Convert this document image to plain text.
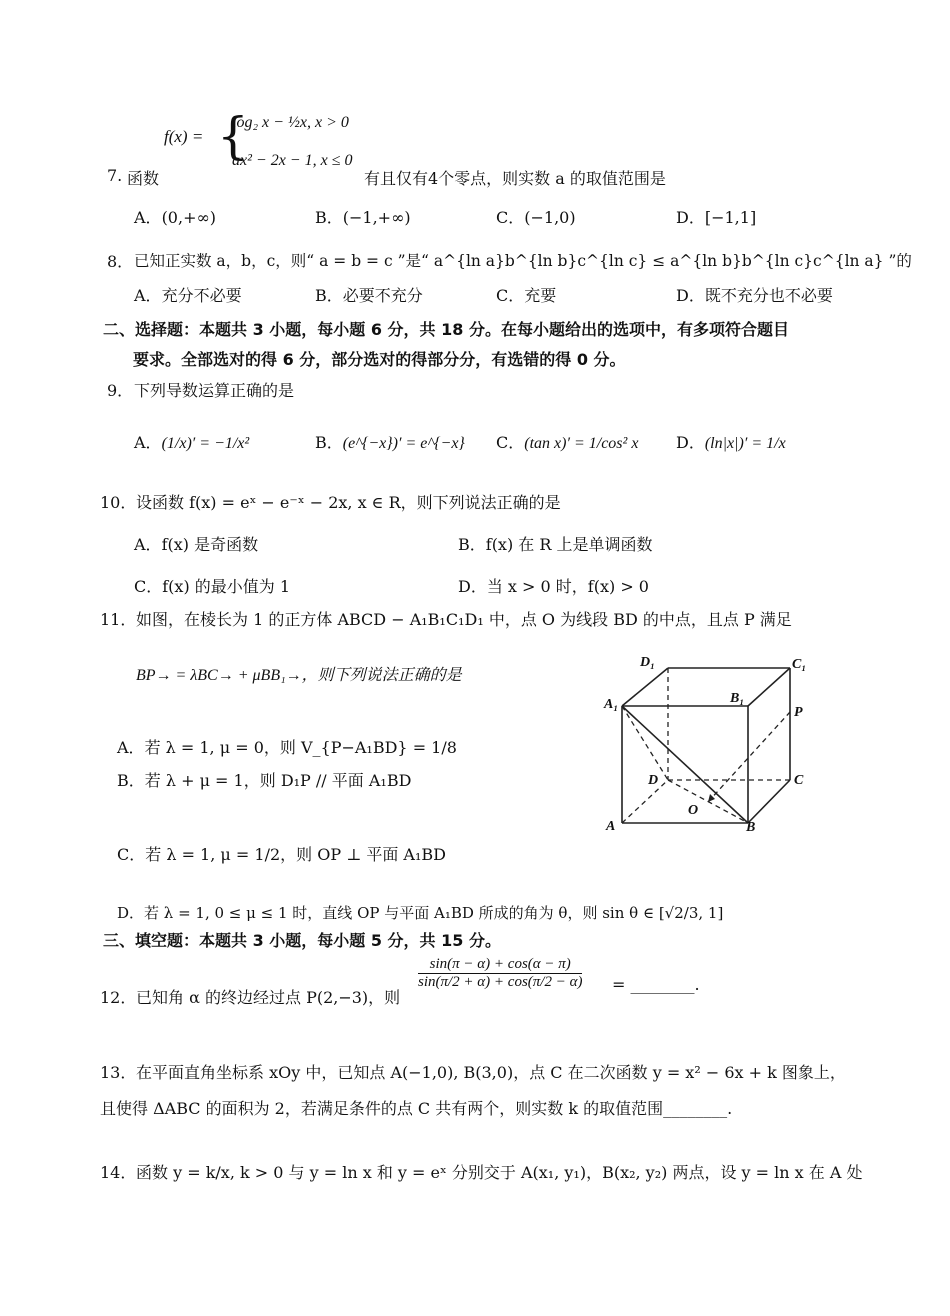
f(x) = {
log₂ x − ½x, x > 0
ax² − 2x − 1, x ≤ 0
7. 函数	有且仅有4个零点，则实数 a 的取值范围是
A．(0,+∞)	B．(−1,+∞)	C．(−1,0)	D．[−1,1]
8． 已知正实数 a，b，c，则“ a = b = c ”是“ a^{ln a}b^{ln b}c^{ln c} ≤ a^{ln b}b^{ln c}c^{ln a} ”的
A．充分不必要	B．必要不充分	C．充要	D．既不充分也不必要
二、选择题：本题共 3 小题，每小题 6 分，共 18 分。在每小题给出的选项中，有多项符合题目
要求。全部选对的得 6 分，部分选对的得部分分，有选错的得 0 分。
9． 下列导数运算正确的是
A．(1/x)′ = −1/x²	B．(e^{−x})′ = e^{−x} C．(tan x)′ = 1/cos² x D．(ln|x|)′ = 1/x
10． 设函数 f(x) = eˣ − e⁻ˣ − 2x, x ∈ R，则下列说法正确的是
A．f(x) 是奇函数	B．f(x) 在 R 上是单调函数
C．f(x) 的最小值为 1	D．当 x > 0 时，f(x) > 0
11． 如图，在棱长为 1 的正方体 ABCD − A₁B₁C₁D₁ 中，点 O 为线段 BD 的中点，且点 P 满足
BP→ = λBC→ + μBB₁→，则下列说法正确的是
A．若 λ = 1, μ = 0，则 V_{P−A₁BD} = 1/8
B．若 λ + μ = 1，则 D₁P // 平面 A₁BD
C．若 λ = 1, μ = 1/2，则 OP ⊥ 平面 A₁BD
D．若 λ = 1, 0 ≤ μ ≤ 1 时，直线 OP 与平面 A₁BD 所成的角为 θ，则 sin θ ∈ [√2/3, 1]
D₁	C₁
A₁	B₁
P
D	C
O
A	B
三、填空题：本题共 3 小题，每小题 5 分，共 15 分。
12． 已知角 α 的终边经过点 P(2,−3)，则
$\frac{\sin(\pi - \alpha) + \cos(\alpha - \pi)}{\sin(\pi/2 + \alpha) + \cos(\pi/2 - \alpha)}$ = ________.
13． 在平面直角坐标系 xOy 中，已知点 A(−1,0), B(3,0)，点 C 在二次函数 y = x² − 6x + k 图象上，
且使得 ΔABC 的面积为 2，若满足条件的点 C 共有两个，则实数 k 的取值范围________.
14． 函数 y = k/x, k > 0 与 y = ln x 和 y = eˣ 分别交于 A(x₁, y₁)，B(x₂, y₂) 两点，设 y = ln x 在 A 处
